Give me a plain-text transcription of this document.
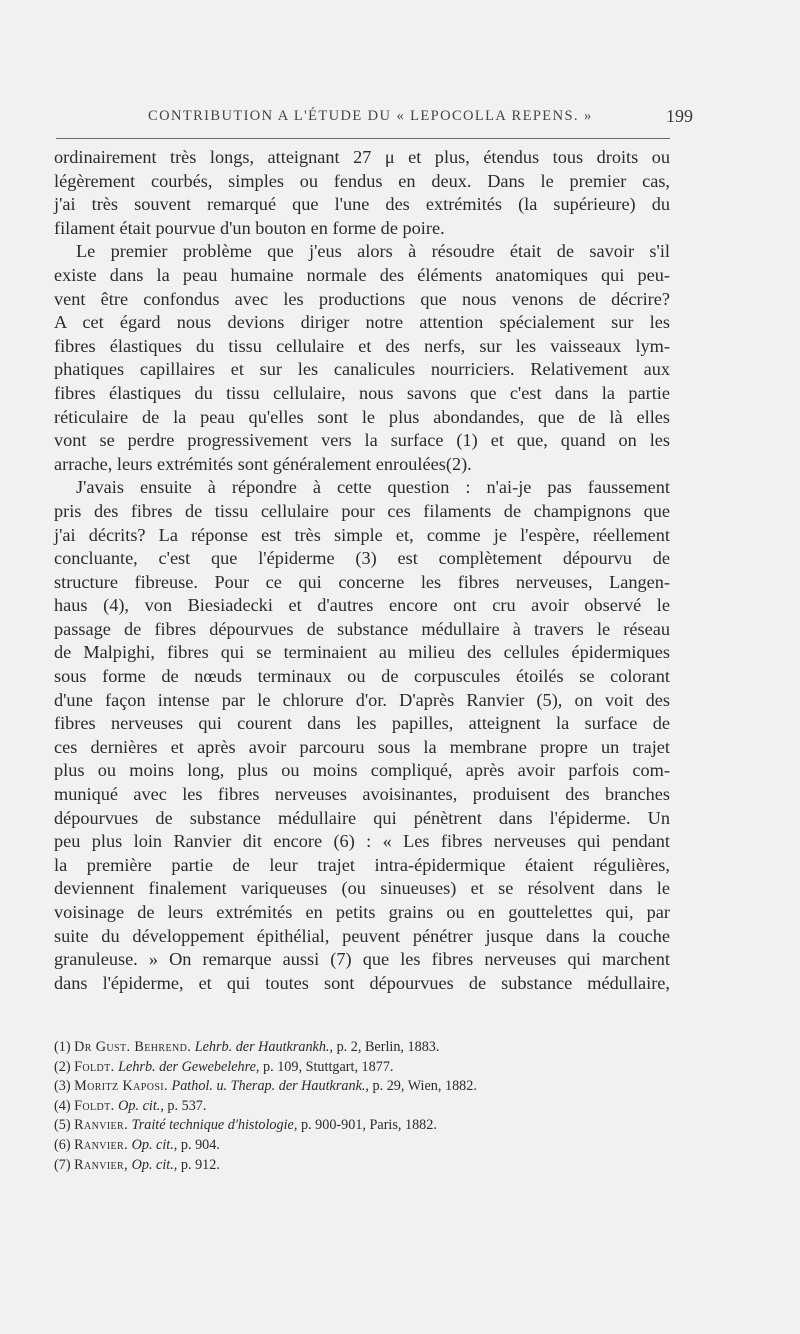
CONTRIBUTION A L'ÉTUDE DU « LEPOCOLLA REPENS. »	199
ordinairement très longs, atteignant 27 μ et plus, étendus tous droits ou
légèrement courbés, simples ou fendus en deux. Dans le premier cas,
j'ai très souvent remarqué que l'une des extrémités (la supérieure) du
filament était pourvue d'un bouton en forme de poire.
Le premier problème que j'eus alors à résoudre était de savoir s'il
existe dans la peau humaine normale des éléments anatomiques qui peu-
vent être confondus avec les productions que nous venons de décrire?
A cet égard nous devions diriger notre attention spécialement sur les
fibres élastiques du tissu cellulaire et des nerfs, sur les vaisseaux lym-
phatiques capillaires et sur les canalicules nourriciers. Relativement aux
fibres élastiques du tissu cellulaire, nous savons que c'est dans la partie
réticulaire de la peau qu'elles sont le plus abondandes, que de là elles
vont se perdre progressivement vers la surface (1) et que, quand on les
arrache, leurs extrémités sont généralement enroulées(2).
J'avais ensuite à répondre à cette question : n'ai-je pas faussement
pris des fibres de tissu cellulaire pour ces filaments de champignons que
j'ai décrits? La réponse est très simple et, comme je l'espère, réellement
concluante, c'est que l'épiderme (3) est complètement dépourvu de
structure fibreuse. Pour ce qui concerne les fibres nerveuses, Langen-
haus (4), von Biesiadecki et d'autres encore ont cru avoir observé le
passage de fibres dépourvues de substance médullaire à travers le réseau
de Malpighi, fibres qui se terminaient au milieu des cellules épidermiques
sous forme de nœuds terminaux ou de corpuscules étoilés se colorant
d'une façon intense par le chlorure d'or. D'après Ranvier (5), on voit des
fibres nerveuses qui courent dans les papilles, atteignent la surface de
ces dernières et après avoir parcouru sous la membrane propre un trajet
plus ou moins long, plus ou moins compliqué, après avoir parfois com-
muniqué avec les fibres nerveuses avoisinantes, produisent des branches
dépourvues de substance médullaire qui pénètrent dans l'épiderme. Un
peu plus loin Ranvier dit encore (6) : « Les fibres nerveuses qui pendant
la première partie de leur trajet intra-épidermique étaient régulières,
deviennent finalement variqueuses (ou sinueuses) et se résolvent dans le
voisinage de leurs extrémités en petits grains ou en gouttelettes qui, par
suite du développement épithélial, peuvent pénétrer jusque dans la couche
granuleuse. » On remarque aussi (7) que les fibres nerveuses qui marchent
dans l'épiderme, et qui toutes sont dépourvues de substance médullaire,
(1) Dr Gust. Behrend. Lehrb. der Hautkrankh., p. 2, Berlin, 1883.
(2) Foldt. Lehrb. der Gewebelehre, p. 109, Stuttgart, 1877.
(3) Moritz Kaposi. Pathol. u. Therap. der Hautkrank., p. 29, Wien, 1882.
(4) Foldt. Op. cit., p. 537.
(5) Ranvier. Traité technique d'histologie, p. 900-901, Paris, 1882.
(6) Ranvier. Op. cit., p. 904.
(7) Ranvier, Op. cit., p. 912.
